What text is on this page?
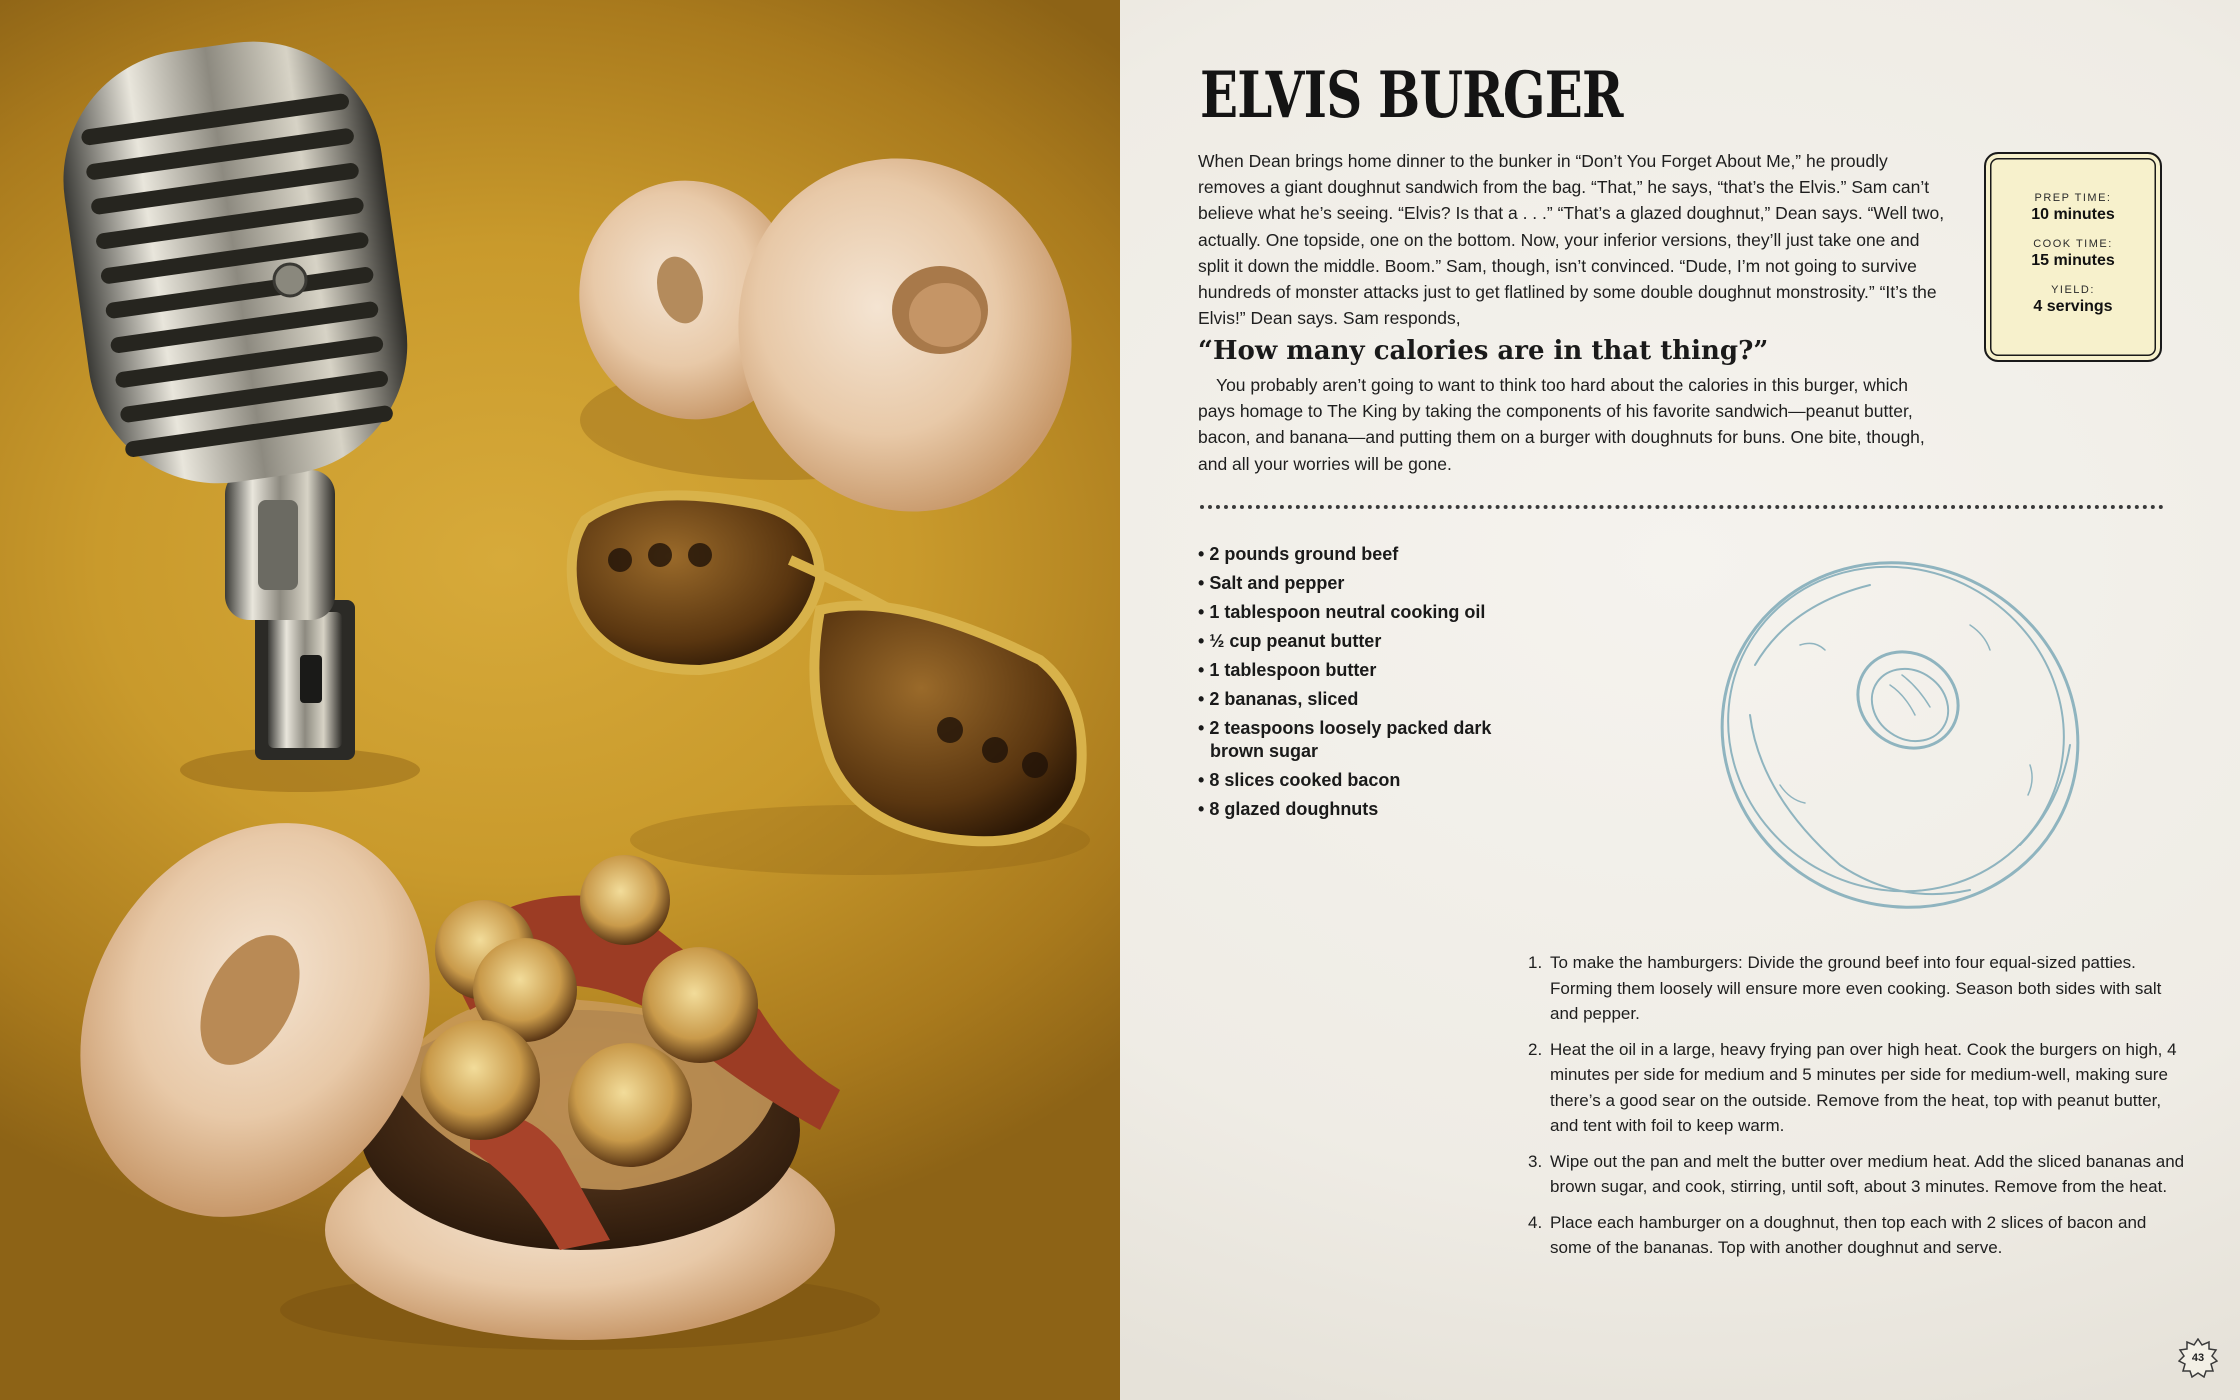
ELVIS BURGER

When Dean brings home dinner to the bunker in “Don’t You Forget About Me,” he proudly removes a giant doughnut sandwich from the bag. “That,” he says, “that’s the Elvis.” Sam can’t believe what he’s seeing. “Elvis? Is that a . . .” “That’s a glazed doughnut,” Dean says. “Well two, actually. One topside, one on the bottom. Now, your inferior versions, they’ll just take one and split it down the middle. Boom.” Sam, though, isn’t convinced. “Dude, I’m not going to survive hundreds of monster attacks just to get flatlined by some double doughnut monstrosity.” “It’s the Elvis!” Dean says. Sam responds,

“How many calories are in that thing?”

You probably aren’t going to want to think too hard about the calories in this burger, which pays homage to The King by taking the components of his favorite sandwich—peanut butter, bacon, and banana—and putting them on a burger with doughnuts for buns. One bite, though, and all your worries will be gone.

PREP TIME:
10 minutes
COOK TIME:
15 minutes
YIELD:
4 servings
• 2 pounds ground beef
• Salt and pepper
• 1 tablespoon neutral cooking oil
• ½ cup peanut butter
• 1 tablespoon butter
• 2 bananas, sliced
• 2 teaspoons loosely packed dark brown sugar
• 8 slices cooked bacon
• 8 glazed doughnuts
1. To make the hamburgers: Divide the ground beef into four equal-sized patties. Forming them loosely will ensure more even cooking. Season both sides with salt and pepper.
2. Heat the oil in a large, heavy frying pan over high heat. Cook the burgers on high, 4 minutes per side for medium and 5 minutes per side for medium-well, making sure there’s a good sear on the outside. Remove from the heat, top with peanut butter, and tent with foil to keep warm.
3. Wipe out the pan and melt the butter over medium heat. Add the sliced bananas and brown sugar, and cook, stirring, until soft, about 3 minutes. Remove from the heat.
4. Place each hamburger on a doughnut, then top each with 2 slices of bacon and some of the bananas. Top with another doughnut and serve.
43
